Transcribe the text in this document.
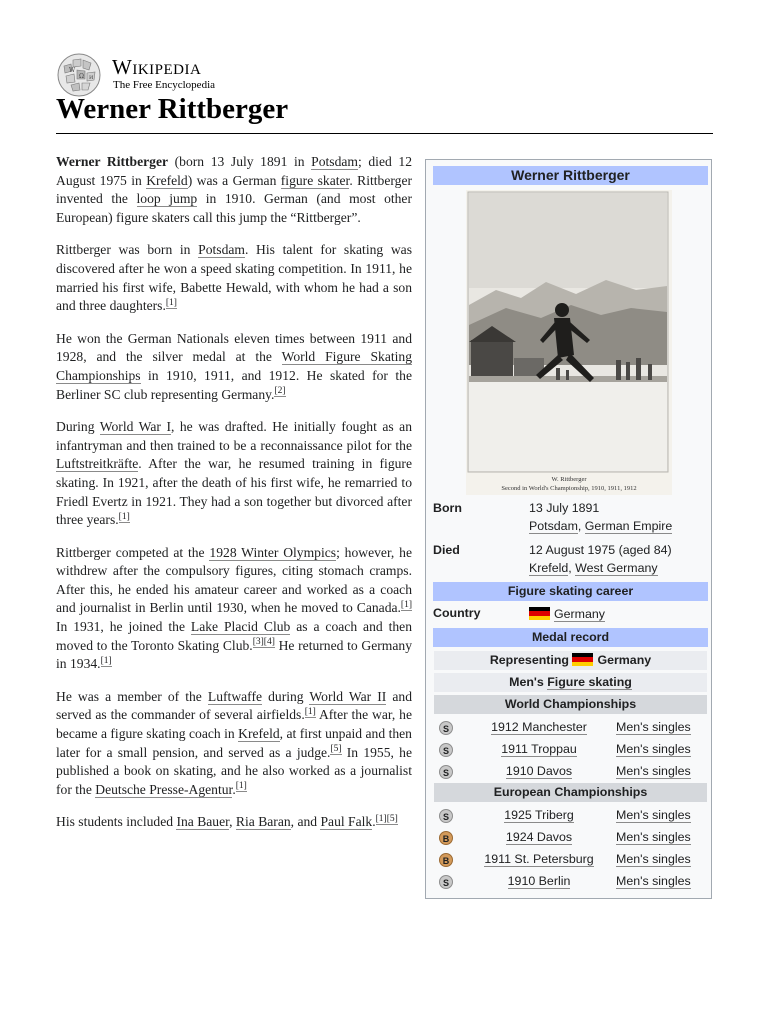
W
Ω И Wikipedia
The Free Encyclopedia
Werner Rittberger

Werner Rittberger (born 13 July 1891 in Potsdam; died 12 August 1975 in Krefeld) was a German figure skater. Rittberger invented the loop jump in 1910. German (and most other European) figure skaters call this jump the “Rittberger”.

Rittberger was born in Potsdam. His talent for skating was discovered after he won a speed skating competition. In 1911, he married his first wife, Babette Hewald, with whom he had a son and three daughters.[1]

He won the German Nationals eleven times between 1911 and 1928, and the silver medal at the World Figure Skating Championships in 1910, 1911, and 1912. He skated for the Berliner SC club representing Germany.[2]

During World War I, he was drafted. He initially fought as an infantryman and then trained to be a reconnaissance pilot for the Luftstreitkräfte. After the war, he resumed training in figure skating. In 1921, after the death of his first wife, he remarried to Friedl Evertz in 1921. They had a son together but divorced after three years.[1]

Rittberger competed at the 1928 Winter Olympics; however, he withdrew after the compulsory figures, citing stomach cramps. After this, he ended his amateur career and worked as a coach and journalist in Berlin until 1930, when he moved to Canada.[1] In 1931, he joined the Lake Placid Club as a coach and then moved to the Toronto Skating Club.[3][4] He returned to Germany in 1934.[1]

He was a member of the Luftwaffe during World War II and served as the commander of several airfields.[1] After the war, he became a figure skating coach in Krefeld, at first unpaid and then later for a small pension, and served as a judge.[5] In 1955, he published a book on skating, and he also worked as a journalist for the Deutsche Presse-Agentur.[1]

His students included Ina Bauer, Ria Baran, and Paul Falk.[1][5]

Werner Rittberger
W. Rittberger
Second in World's Championship, 1910, 1911, 1912
Born	13 July 1891
Potsdam, German Empire
Died	12 August 1975 (aged 84)
Krefeld, West Germany
Figure skating career
Country	Germany
Medal record
Representing
Germany
Men's Figure skating
World Championships
S	1912 Manchester	Men's singles
S	1911 Troppau	Men's singles
S	1910 Davos	Men's singles
European Championships
S	1925 Triberg	Men's singles
B	1924 Davos	Men's singles
B	1911 St. Petersburg	Men's singles
S	1910 Berlin	Men's singles
